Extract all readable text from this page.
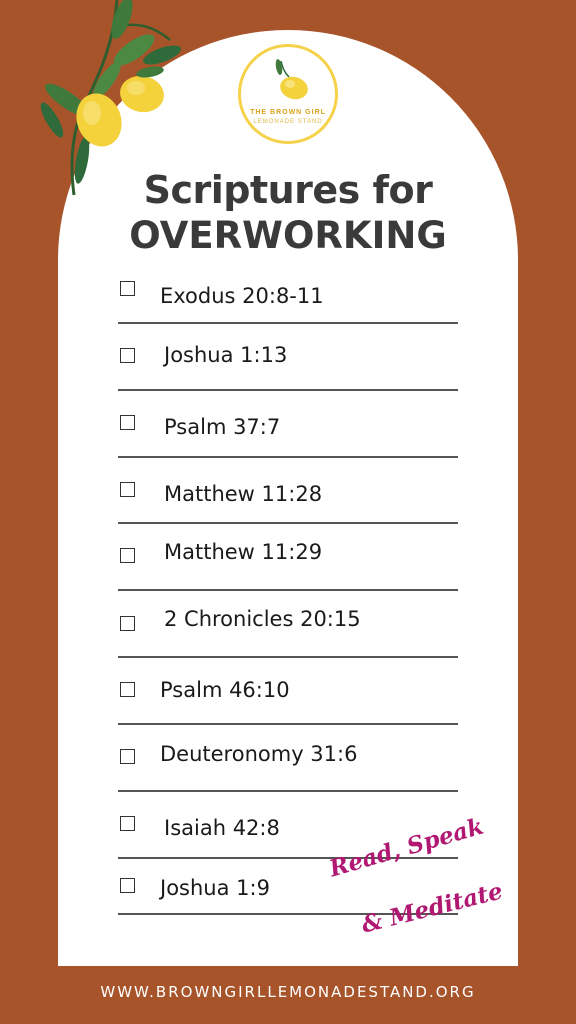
THE BROWN GIRL
LEMONADE STAND
Scriptures for
OVERWORKING
Exodus 20:8-11
Joshua 1:13
Psalm 37:7
Matthew 11:28
Matthew 11:29
2 Chronicles 20:15
Psalm 46:10
Deuteronomy 31:6
Isaiah 42:8
Joshua 1:9
Read, Speak
& Meditate
WWW.BROWNGIRLLEMONADESTAND.ORG
